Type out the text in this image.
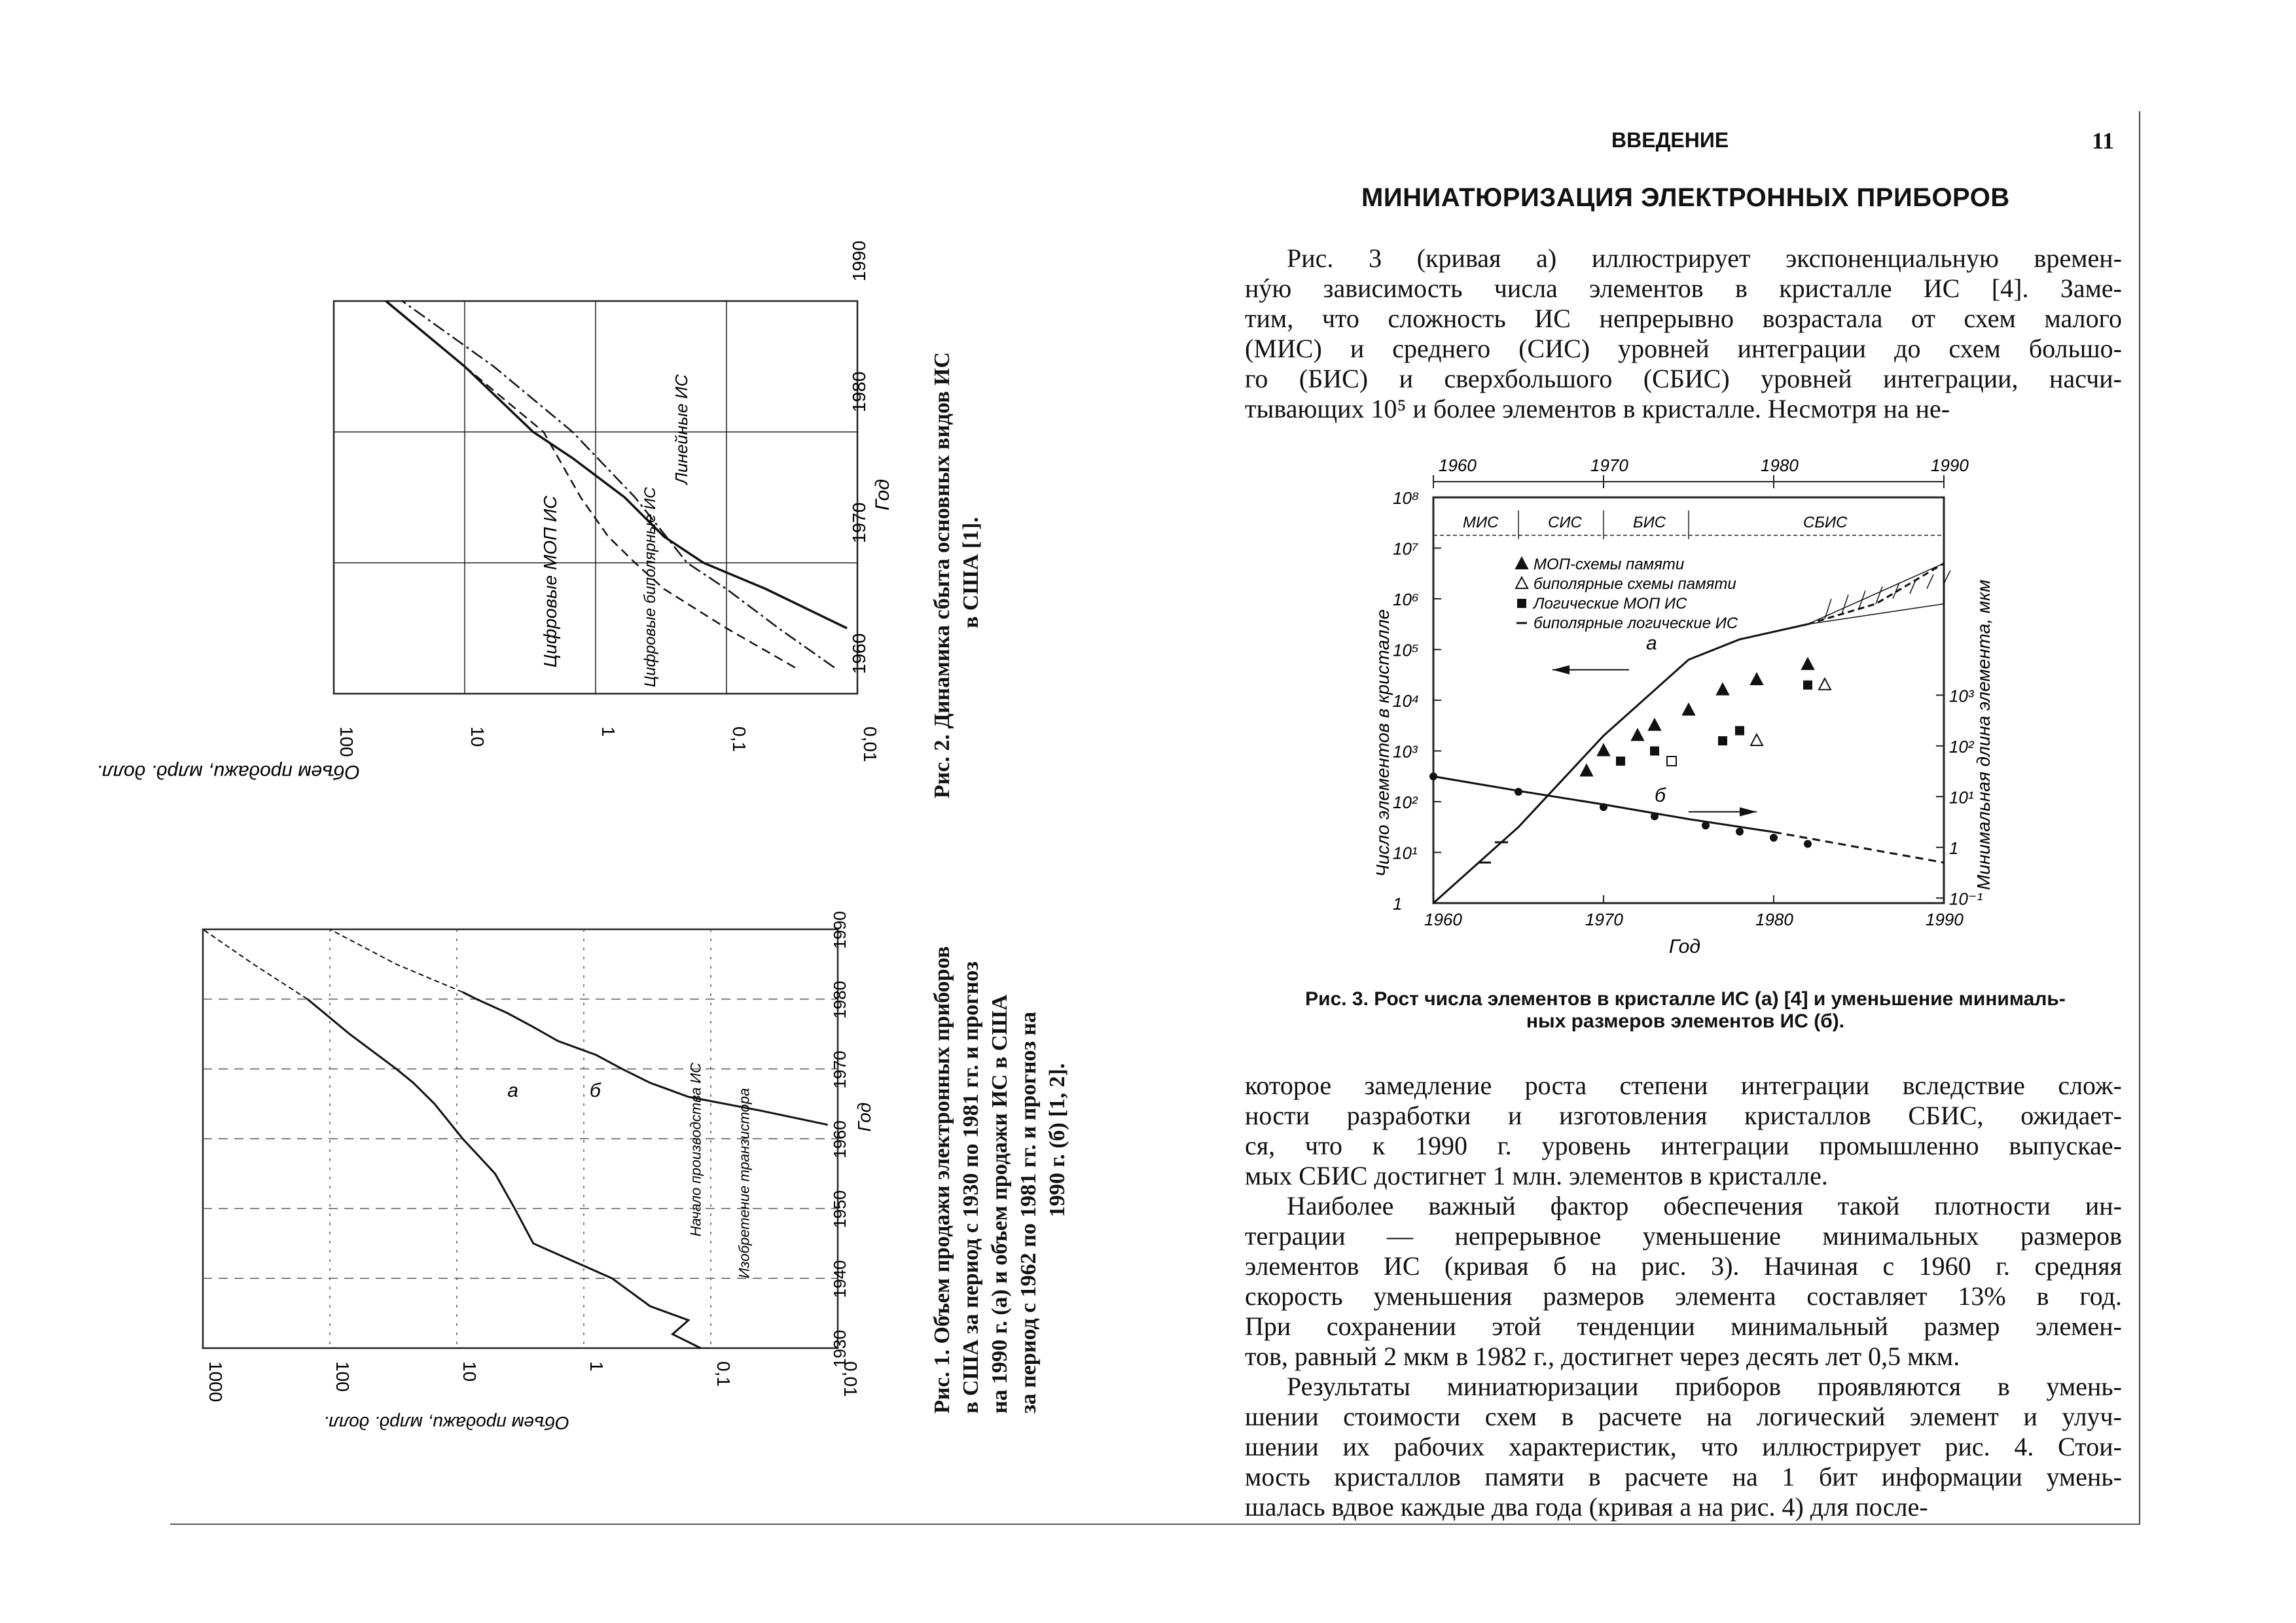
ВВЕДЕНИЕ	11
МИНИАТЮРИЗАЦИЯ ЭЛЕКТРОННЫХ ПРИБОРОВ
Рис. 3 (кривая а) иллюстрирует экспоненциальную времен-
нýю зависимость числа элементов в кристалле ИС [4]. Заме-
тим, что сложность ИС непрерывно возрастала от схем малого
(МИС) и среднего (СИС) уровней интеграции до схем большо-
го (БИС) и сверхбольшого (СБИС) уровней интеграции, насчи-
тывающих 10⁵ и более элементов в кристалле. Несмотря на не-
которое замедление роста степени интеграции вследствие слож-
ности разработки и изготовления кристаллов СБИС, ожидает-
ся, что к 1990 г. уровень интеграции промышленно выпускае-
мых СБИС достигнет 1 млн. элементов в кристалле.
Наиболее важный фактор обеспечения такой плотности ин-
теграции — непрерывное уменьшение минимальных размеров
элементов ИС (кривая б на рис. 3). Начиная с 1960 г. средняя
скорость уменьшения размеров элемента составляет 13% в год.
При сохранении этой тенденции минимальный размер элемен-
тов, равный 2 мкм в 1982 г., достигнет через десять лет 0,5 мкм.
Результаты миниатюризации приборов проявляются в умень-
шении стоимости схем в расчете на логический элемент и улуч-
шении их рабочих характеристик, что иллюстрирует рис. 4. Стои-
мость кристаллов памяти в расчете на 1 бит информации умень-
шалась вдвое каждые два года (кривая а на рис. 4) для после-
1960	1970	1980	1990
МИС	СИС	БИС	СБИС
1
10¹
10²
10³
10⁴
10⁵
10⁶
10⁷
10⁸
10⁻¹
1
10¹
10²
10³
1960	1970	1980	1990
Год
Число элементов в кристалле	Минимальная длина элемента, мкм
МОП-схемы памяти
биполярные схемы памяти
Логические МОП ИС
биполярные логические ИС
а
б
Рис. 3. Рост числа элементов в кристалле ИС (а) [4] и уменьшение минималь-
ных размеров элементов ИС (б).
0,01
0,1
1
10
100
1960
1970
1980
1990
Год
Объем продажи, млрд. долл.
Цифровые МОП ИС	Цифровые биполярные ИС
Линейные ИС	Рис. 2. Динамика сбыта основных видов ИС в США [1].
0,01
0,1
1
10
100
1000
1930
1940
1950
1960
1970
1980
1990
Год
Объем продажи, млрд. долл.
а	б	Начало производства ИС Изобретение транзистора	Рис. 1. Объем продажи электронных приборов в США за период с 1930 по 1981 гг. и прогноз на 1990 г. (а) и объем продажи ИС в США за период с 1962 по 1981 гг. и прогноз на 1990 г. (б) [1, 2].
